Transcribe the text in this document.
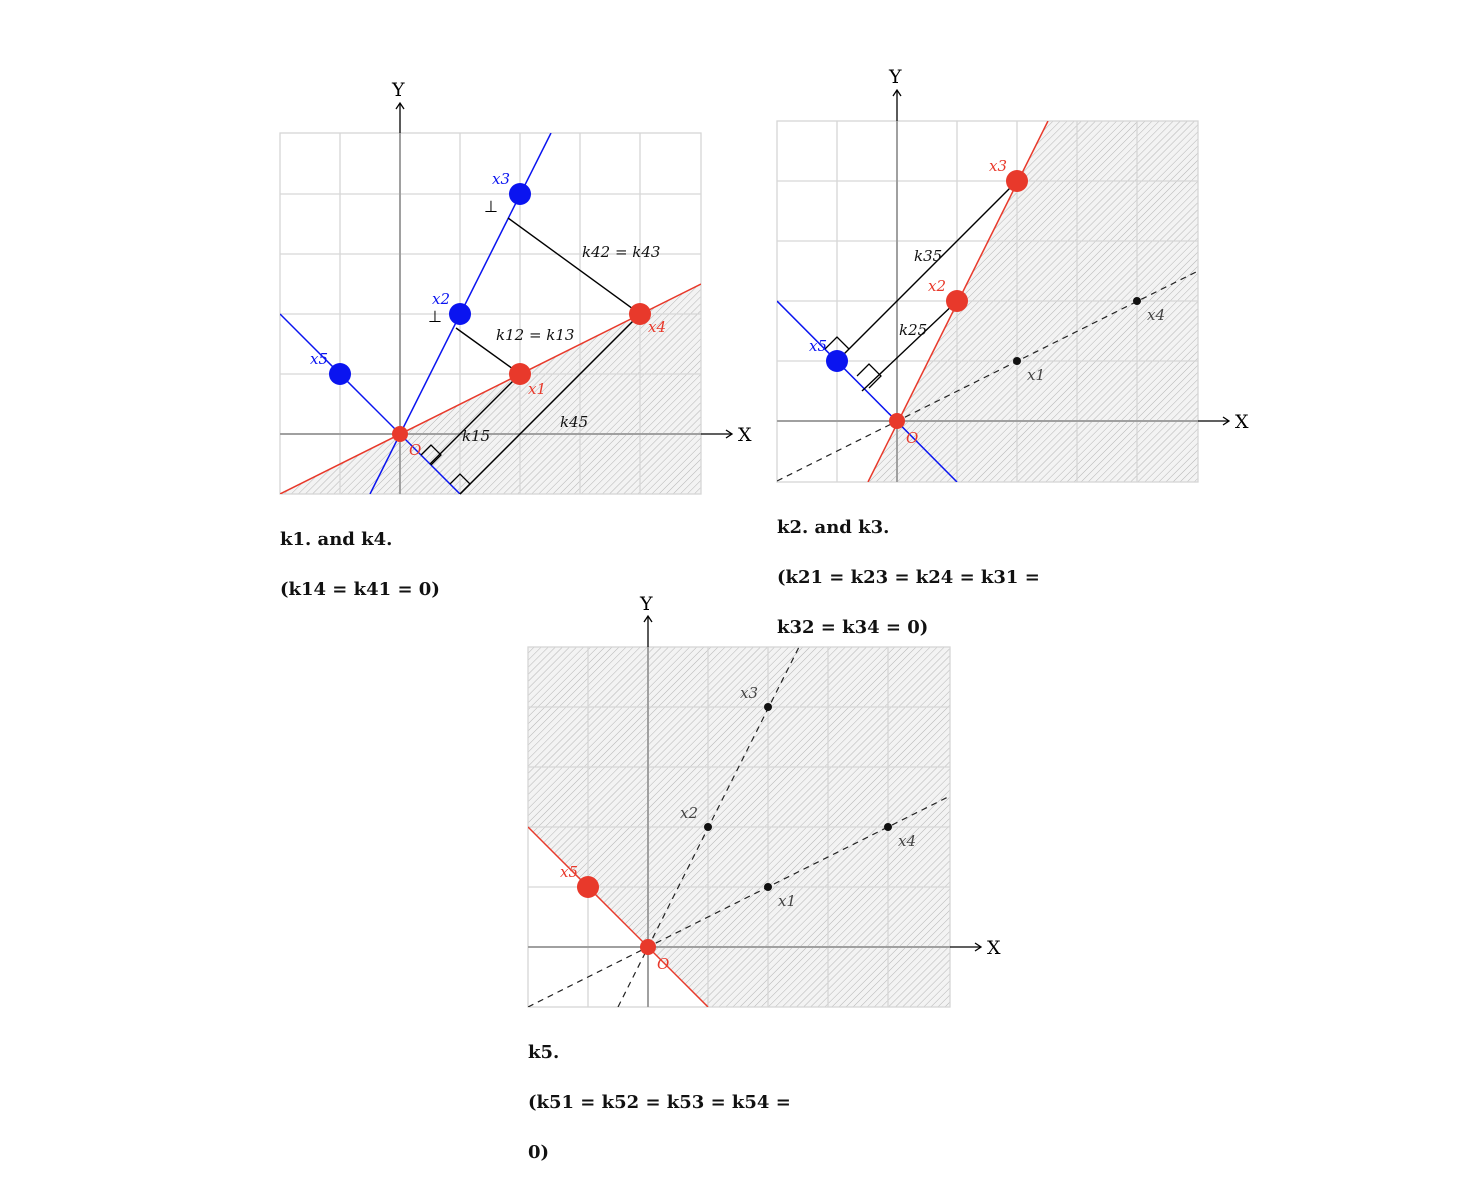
X
Y
⊥
⊥
k42 = k43
k12 = k13
k15
k45
x3
x2
x5
x1
x4
O
X
Y
k35
k25
x3
x2
x5
x1
x4
O
X
Y
x3
x2
x1
x4
x5
O

k1. and k4.

(k14 = k41 = 0)

k2. and k3.

(k21 = k23 = k24 = k31 =

k32 = k34 = 0)

k5.

(k51 = k52 = k53 = k54 =

0)
